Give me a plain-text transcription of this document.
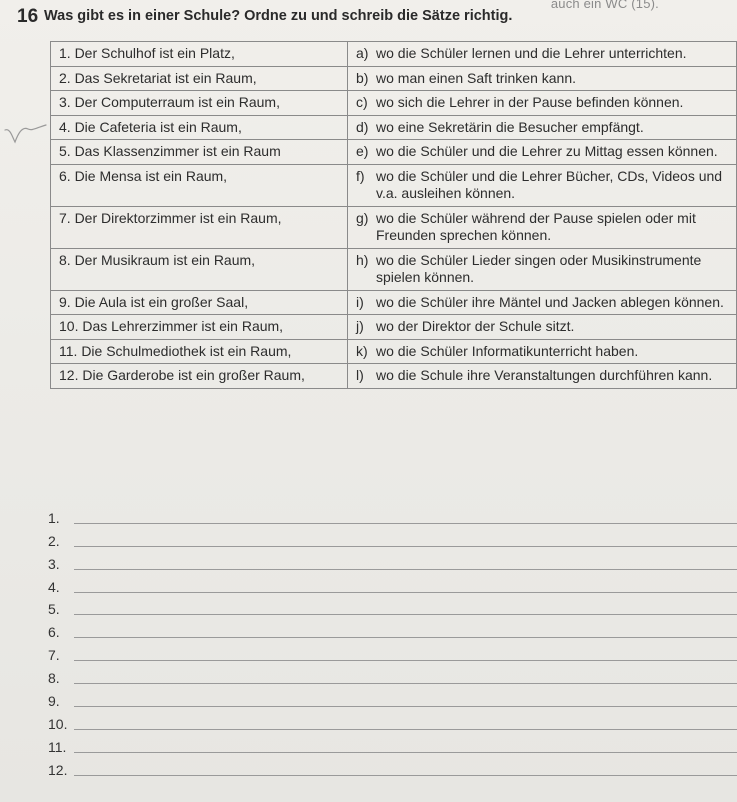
auch ein WC (15).
16 Was gibt es in einer Schule? Ordne zu und schreib die Sätze richtig.
1. Der Schulhof ist ein Platz,	a) wo die Schüler lernen und die Lehrer unterrichten.

2. Das Sekretariat ist ein Raum,	b) wo man einen Saft trinken kann.

3. Der Computerraum ist ein Raum,	c) wo sich die Lehrer in der Pause befinden können.

4. Die Cafeteria ist ein Raum,	d) wo eine Sekretärin die Besucher empfängt.

5. Das Klassenzimmer ist ein Raum	e) wo die Schüler und die Lehrer zu Mittag essen können.

6. Die Mensa ist ein Raum,	f) wo die Schüler und die Lehrer Bücher, CDs, Videos und v.a. ausleihen können.

7. Der Direktorzimmer ist ein Raum,	g) wo die Schüler während der Pause spielen oder mit Freunden sprechen können.

8. Der Musikraum ist ein Raum,	h) wo die Schüler Lieder singen oder Musikinstrumente spielen können.

9. Die Aula ist ein großer Saal,	i) wo die Schüler ihre Mäntel und Jacken ablegen können.

10. Das Lehrerzimmer ist ein Raum,	j) wo der Direktor der Schule sitzt.

11. Die Schulmediothek ist ein Raum,	k) wo die Schüler Informatikunterricht haben.

12. Die Garderobe ist ein großer Raum,	l) wo die Schule ihre Veranstaltungen durchführen kann.
1.
2.
3.
4.
5.
6.
7.
8.
9.
10.
11.
12.
